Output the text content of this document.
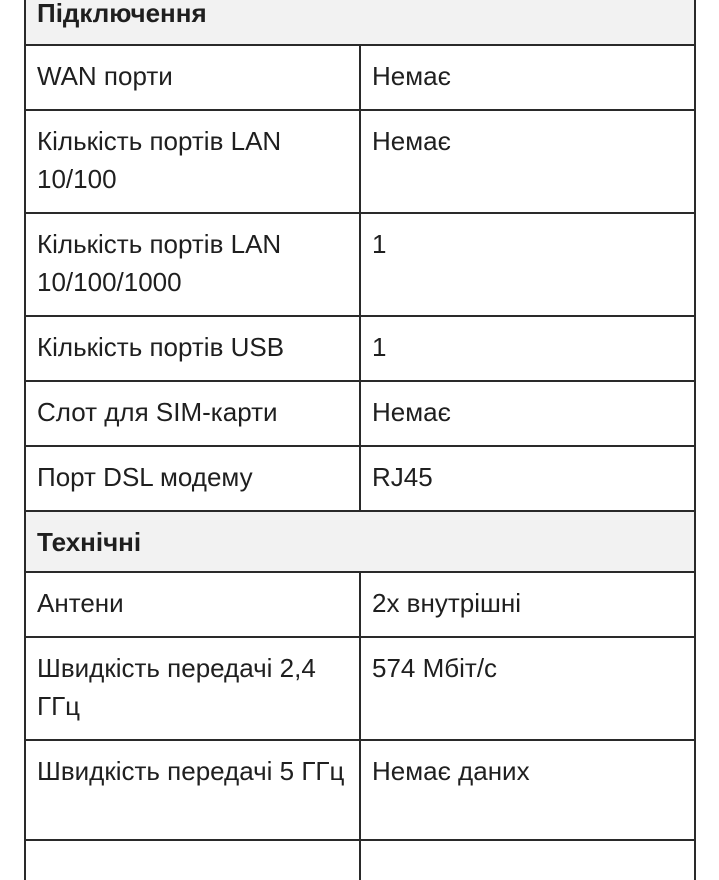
Підключення	
WAN порти	Немає
Кількість портів LAN 10/100	Немає
Кількість портів LAN 10/100/1000	1
Кількість портів USB	1
Слот для SIM-карти	Немає
Порт DSL модему	RJ45
Технічні	
Антени	2x внутрішні
Швидкість передачі 2,4 ГГц	574 Мбіт/с
Швидкість передачі 5 ГГц	Немає даних
